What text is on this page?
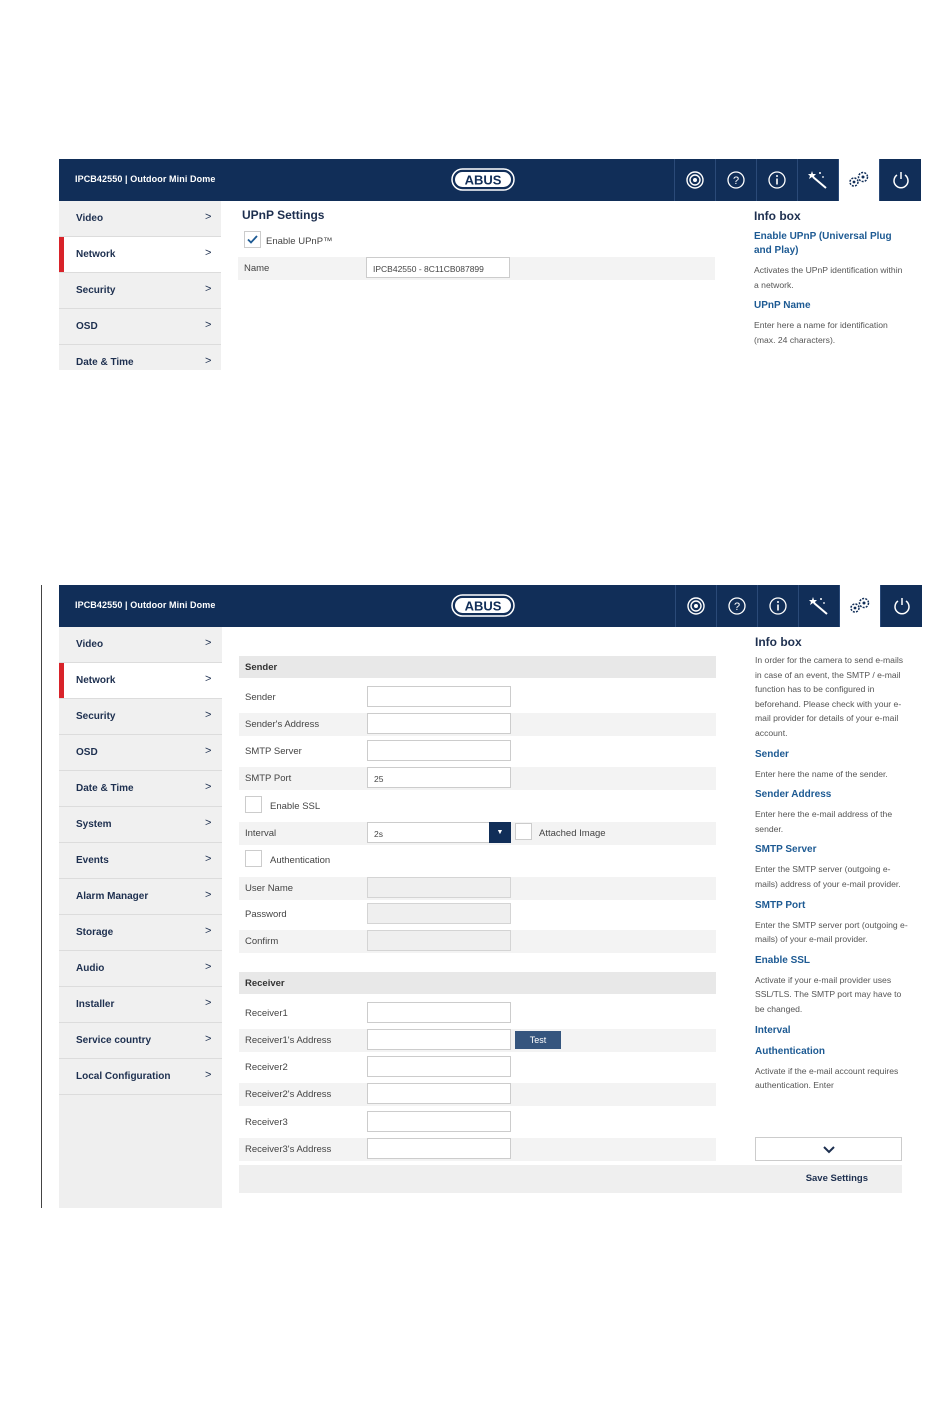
IPCB42550 | Outdoor Mini Dome	ABUS	?
Video	>
Network	>
Security	>
OSD	>
Date & Time	>
UPnP Settings
Enable UPnP™
Name	IPCB42550 - 8C11CB087899
Info box
Enable UPnP (Universal Plug and Play)
Activates the UPnP identification within a network.
UPnP Name
Enter here a name for identification (max. 24 characters).
IPCB42550 | Outdoor Mini Dome	ABUS	?
Video	>
Network	>
Security	>
OSD	>
Date & Time	>
System	>
Events	>
Alarm Manager	>
Storage	>
Audio	>
Installer	>
Service country	>
Local Configuration	>
Sender
Sender
Sender's Address
SMTP Server
SMTP Port	25
Enable SSL
Interval	2s	▼	Attached Image
Authentication
User Name
Password
Confirm
Receiver
Receiver1
Receiver1's Address	Test
Receiver2
Receiver2's Address
Receiver3
Receiver3's Address
Info box
In order for the camera to send e-mails in case of an event, the SMTP / e-mail function has to be configured in beforehand. Please check with your e-mail provider for details of your e-mail account.
Sender
Enter here the name of the sender.
Sender Address
Enter here the e-mail address of the sender.
SMTP Server
Enter the SMTP server (outgoing e-mails) address of your e-mail provider.
SMTP Port
Enter the SMTP server port (outgoing e-mails) of your e-mail provider.
Enable SSL
Activate if your e-mail provider uses SSL/TLS. The SMTP port may have to be changed.
Interval
Authentication
Activate if the e-mail account requires authentication. Enter
Save Settings
